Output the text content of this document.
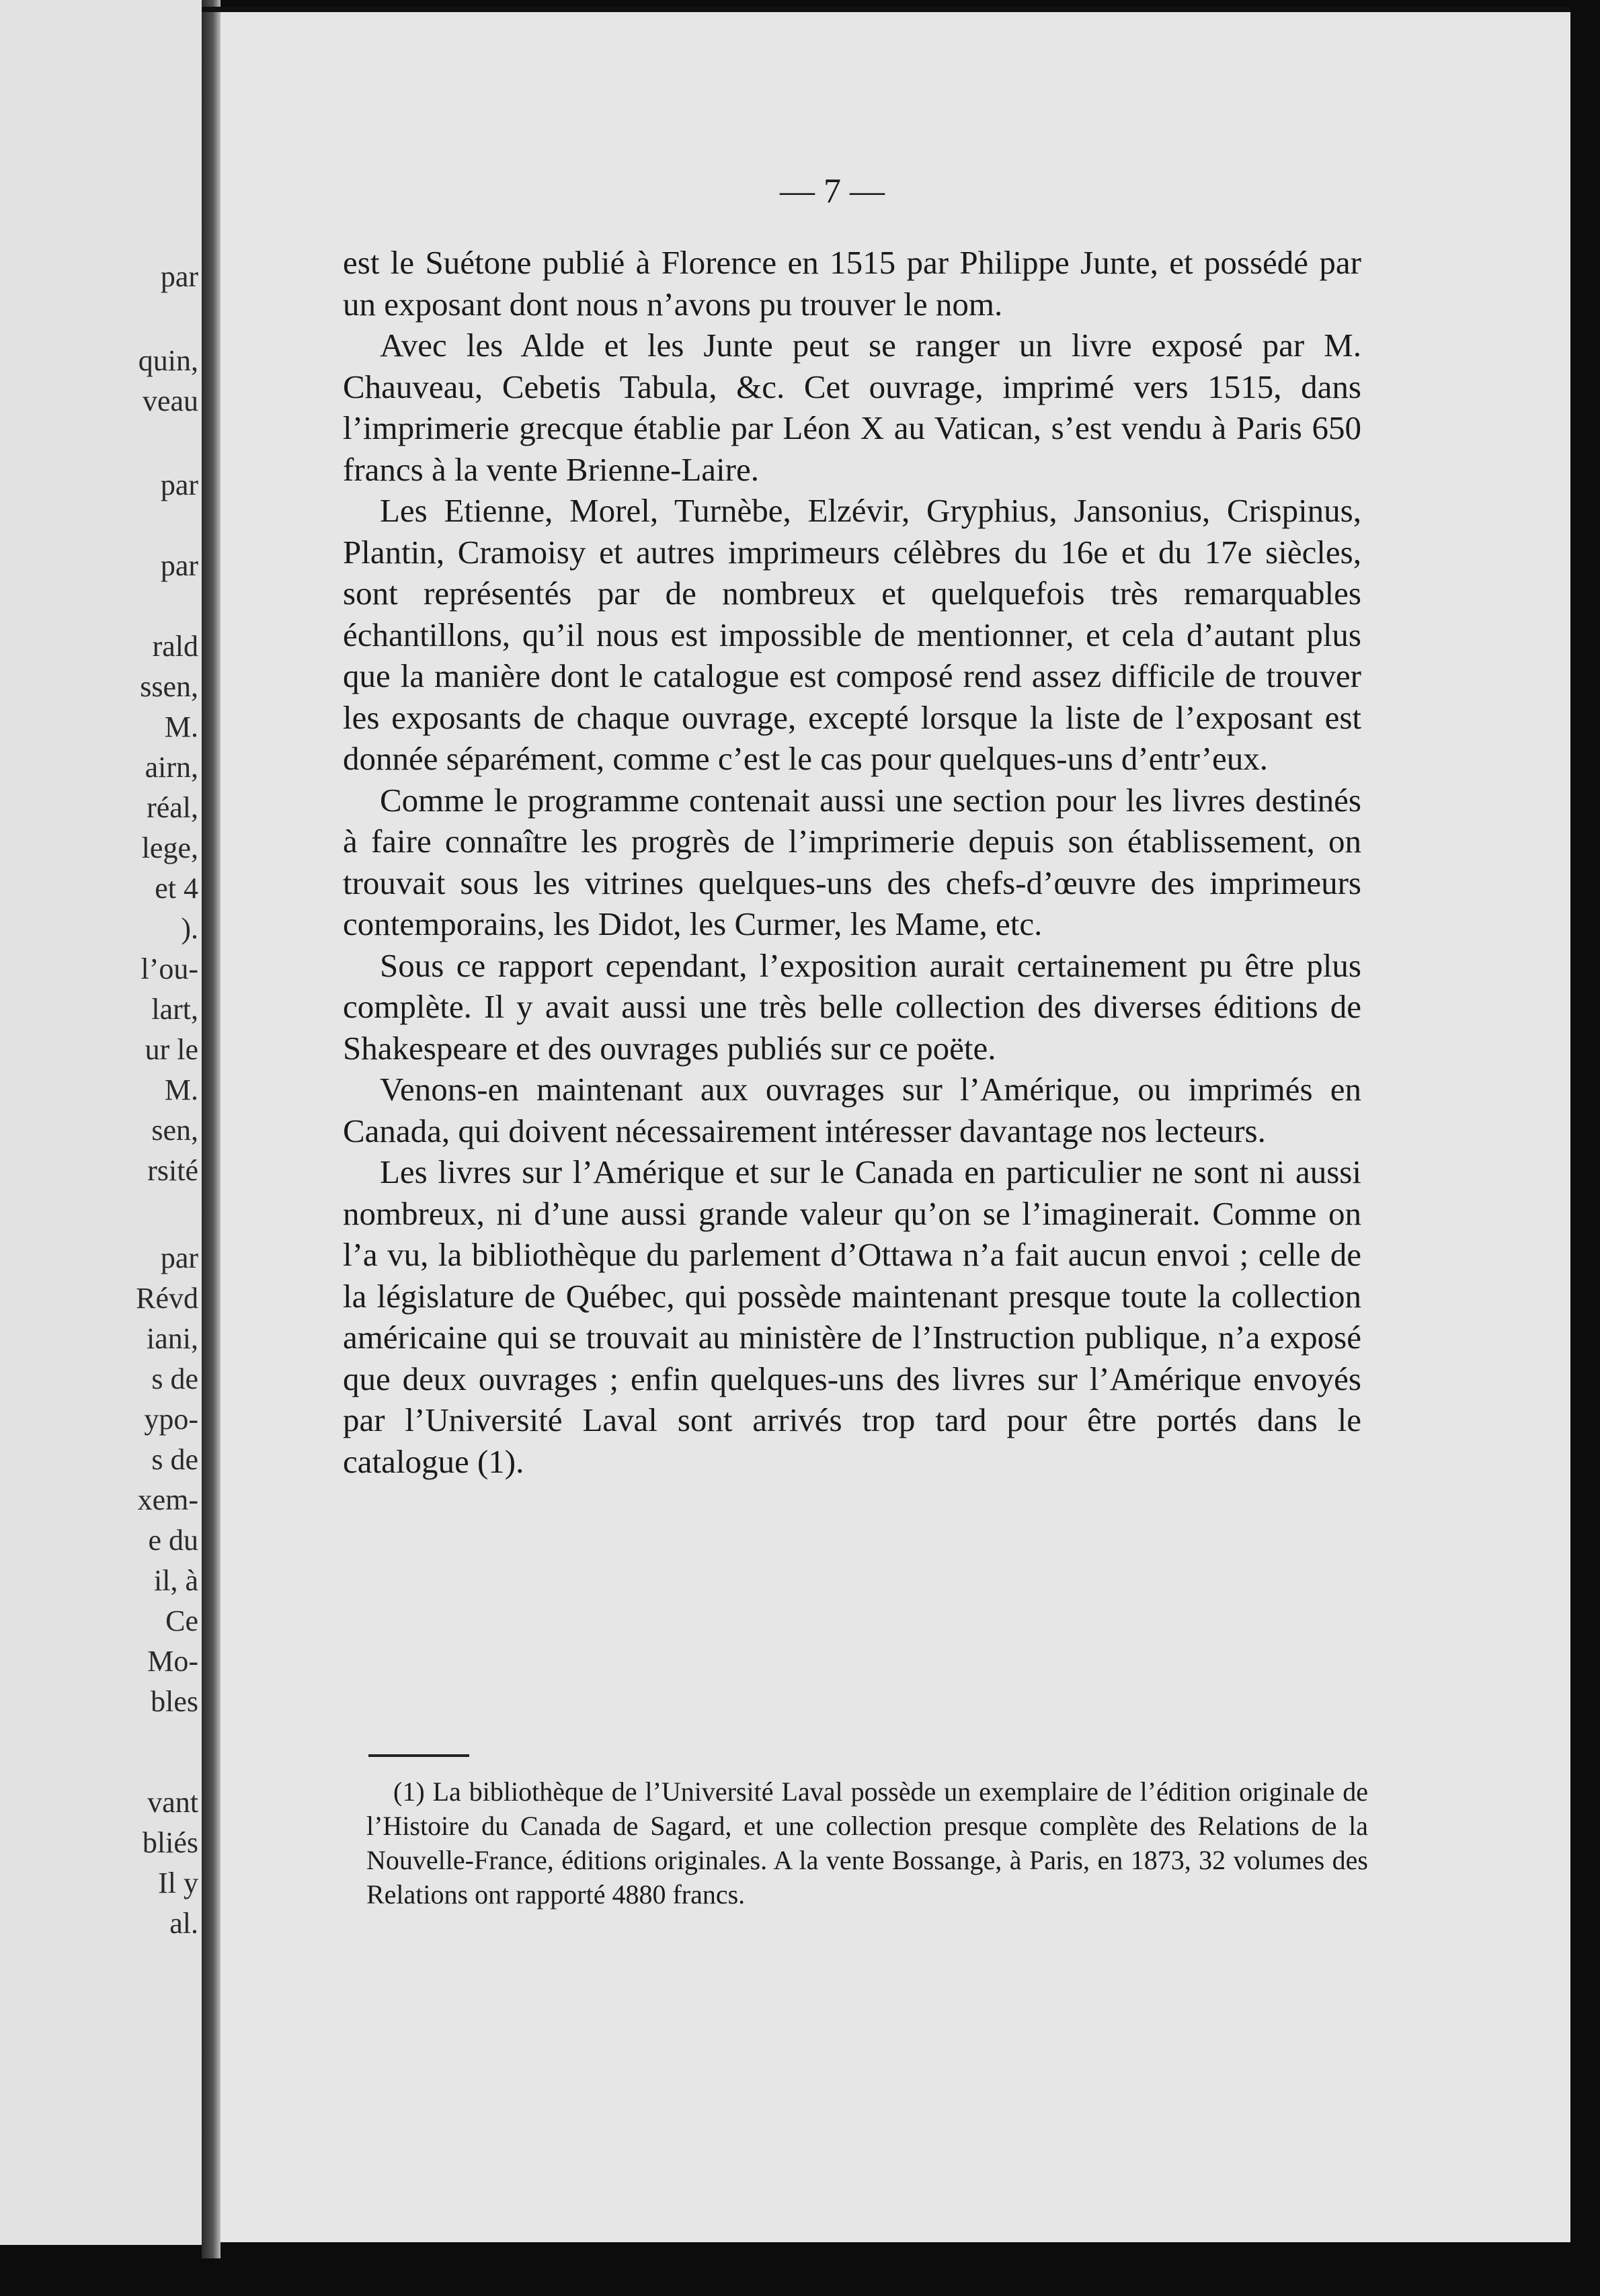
par
quin,
veau
par
par
rald
ssen,
M.
airn,
réal,
lege,
et 4
).
l’ou-
lart,
ur le
M.
sen,
rsité
par
Révd
iani,
s de
ypo-
s de
xem-
e du
il, à
Ce
Mo-
bles
vant
bliés
Il y
al.
— 7 —

est le Suétone publié à Florence en 1515 par Philippe Junte, et possédé par un exposant dont nous n’avons pu trouver le nom.

Avec les Alde et les Junte peut se ranger un livre exposé par M. Chauveau, Cebetis Tabula, &c. Cet ouvrage, imprimé vers 1515, dans l’imprimerie grecque établie par Léon X au Vatican, s’est vendu à Paris 650 francs à la vente Brienne-Laire.

Les Etienne, Morel, Turnèbe, Elzévir, Gryphius, Jansonius, Crispinus, Plantin, Cramoisy et autres imprimeurs célèbres du 16e et du 17e siècles, sont représentés par de nombreux et quelquefois très remarquables échantillons, qu’il nous est impossible de mentionner, et cela d’autant plus que la manière dont le catalogue est composé rend assez difficile de trouver les exposants de chaque ouvrage, excepté lorsque la liste de l’exposant est donnée séparément, comme c’est le cas pour quelques-uns d’entr’eux.

Comme le programme contenait aussi une section pour les livres destinés à faire connaître les progrès de l’imprimerie depuis son établissement, on trouvait sous les vitrines quelques-uns des chefs-d’œuvre des imprimeurs contemporains, les Didot, les Curmer, les Mame, etc.

Sous ce rapport cependant, l’exposition aurait certainement pu être plus complète. Il y avait aussi une très belle collection des diverses éditions de Shakespeare et des ouvrages publiés sur ce poëte.

Venons-en maintenant aux ouvrages sur l’Amérique, ou imprimés en Canada, qui doivent nécessairement intéresser davantage nos lecteurs.

Les livres sur l’Amérique et sur le Canada en particulier ne sont ni aussi nombreux, ni d’une aussi grande valeur qu’on se l’imaginerait. Comme on l’a vu, la bibliothèque du parlement d’Ottawa n’a fait aucun envoi ; celle de la législature de Québec, qui possède maintenant presque toute la collection américaine qui se trouvait au ministère de l’Instruction publique, n’a exposé que deux ouvrages ; enfin quelques-uns des livres sur l’Amérique envoyés par l’Université Laval sont arrivés trop tard pour être portés dans le catalogue (1).

(1) La bibliothèque de l’Université Laval possède un exemplaire de l’édition originale de l’Histoire du Canada de Sagard, et une collection presque complète des Relations de la Nouvelle-France, éditions originales. A la vente Bossange, à Paris, en 1873, 32 volumes des Relations ont rapporté 4880 francs.
